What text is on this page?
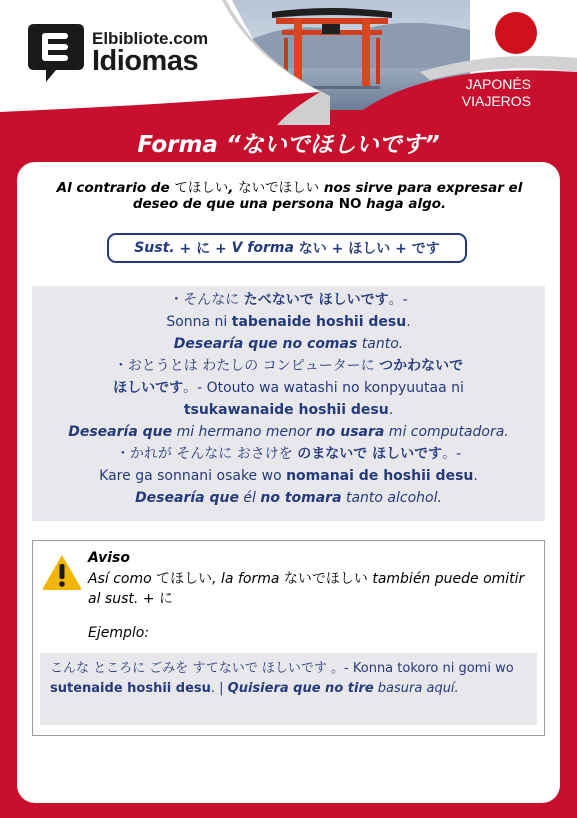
Elbibliote.com
Idiomas
JAPONÉS
VIAJEROS
Forma “ないでほしいです”
Al contrario de てほしい, ないでほしい nos sirve para expresar el deseo de que una persona NO haga algo.
Sust. + に + V forma ない + ほしい + です
・そんなに たべないで ほしいです。-
Sonna ni tabenaide hoshii desu.
Desearía que no comas tanto.
・おとうとは わたしの コンピューターに つかわないで
ほしいです。- Otouto wa watashi no konpyuutaa ni
tsukawanaide hoshii desu.
Desearía que mi hermano menor no usara mi computadora.
・かれが そんなに おさけを のまないで ほしいです。-
Kare ga sonnani osake wo nomanai de hoshii desu.
Desearía que él no tomara tanto alcohol.
Aviso
Así como てほしい, la forma ないでほしい también puede omitir al sust. + に
Ejemplo:
こんな ところに ごみを すてないで ほしいです 。- Konna tokoro ni gomi wo sutenaide hoshii desu. | Quisiera que no tire basura aquí.
